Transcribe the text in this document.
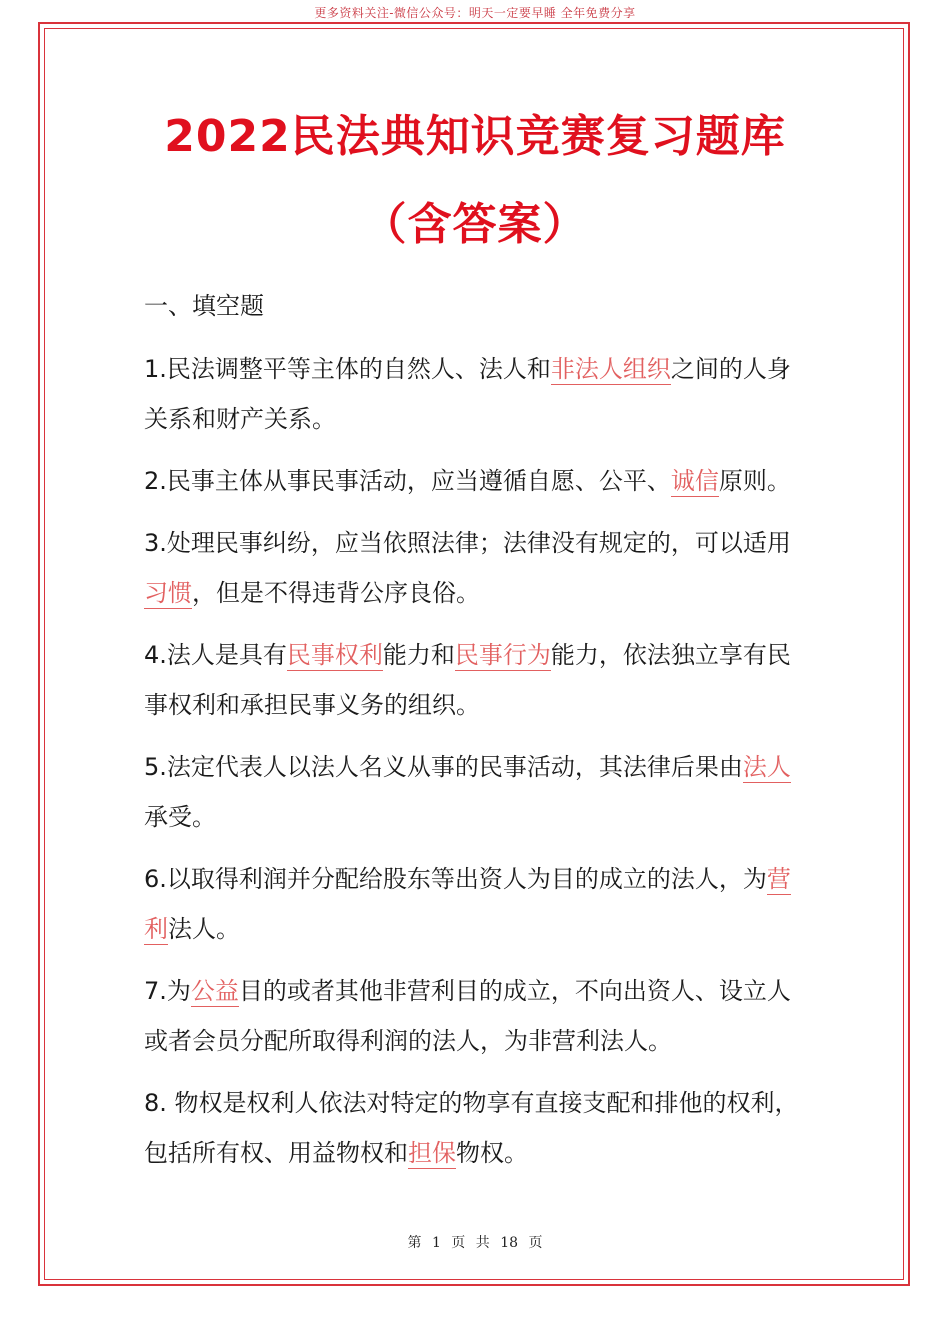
更多资料关注-微信公众号：明天一定要早睡 全年免费分享
2022民法典知识竞赛复习题库
（含答案）
一、填空题

1.民法调整平等主体的自然人、法人和非法人组织之间的人身关系和财产关系。

2.民事主体从事民事活动，应当遵循自愿、公平、诚信原则。

3.处理民事纠纷，应当依照法律；法律没有规定的，可以适用习惯，但是不得违背公序良俗。

4.法人是具有民事权利能力和民事行为能力，依法独立享有民事权利和承担民事义务的组织。

5.法定代表人以法人名义从事的民事活动，其法律后果由法人承受。

6.以取得利润并分配给股东等出资人为目的成立的法人，为营利法人。

7.为公益目的或者其他非营利目的成立，不向出资人、设立人或者会员分配所取得利润的法人，为非营利法人。

8. 物权是权利人依法对特定的物享有直接支配和排他的权利，包括所有权、用益物权和担保物权。

第 1 页 共 18 页
